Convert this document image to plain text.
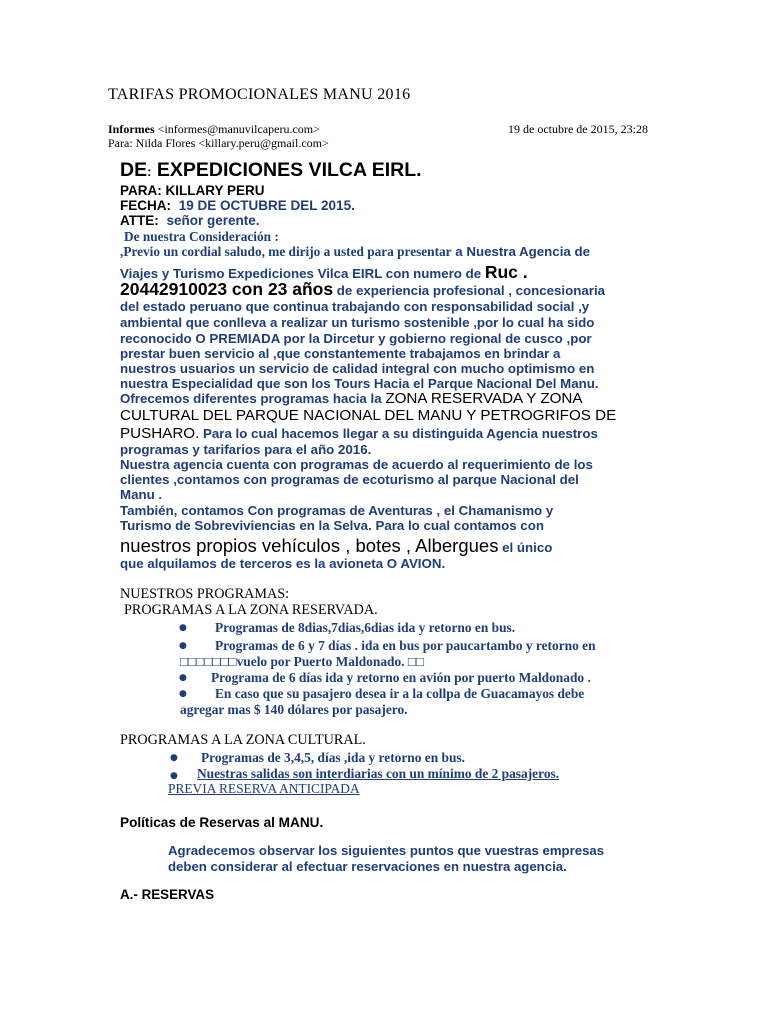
TARIFAS PROMOCIONALES MANU 2016
Informes <informes@manuvilcaperu.com>	19 de octubre de 2015, 23:28
Para: Nilda Flores <killary.peru@gmail.com>
DE: EXPEDICIONES VILCA EIRL.
PARA: KILLARY PERU
FECHA: 19 DE OCTUBRE DEL 2015.
ATTE: señor gerente.
De nuestra Consideración :
,Previo un cordial saludo, me dirijo a usted para presentar a Nuestra Agencia de
Viajes y Turismo Expediciones Vilca EIRL con numero de Ruc .
20442910023 con 23 años de experiencia profesional , concesionaria
del estado peruano que continua trabajando con responsabilidad social ,y
ambiental que conlleva a realizar un turismo sostenible ,por lo cual ha sido
reconocido O PREMIADA por la Dircetur y gobierno regional de cusco ,por
prestar buen servicio al ,que constantemente trabajamos en brindar a
nuestros usuarios un servicio de calidad integral con mucho optimismo en
nuestra Especialidad que son los Tours Hacia el Parque Nacional Del Manu.
Ofrecemos diferentes programas hacia la ZONA RESERVADA Y ZONA
CULTURAL DEL PARQUE NACIONAL DEL MANU Y PETROGRIFOS DE
PUSHARO. Para lo cual hacemos llegar a su distinguida Agencia nuestros
programas y tarifarios para el año 2016.
Nuestra agencia cuenta con programas de acuerdo al requerimiento de los
clientes ,contamos con programas de ecoturismo al parque Nacional del
Manu .
También, contamos Con programas de Aventuras , el Chamanismo y
Turismo de Sobreviviencias en la Selva. Para lo cual contamos con
nuestros propios vehículos , botes , Albergues el único
que alquilamos de terceros es la avioneta O AVION.
NUESTROS PROGRAMAS:
PROGRAMAS A LA ZONA RESERVADA.
● Programas de 8dias,7dias,6dias ida y retorno en bus.
● Programas de 6 y 7 días . ida en bus por paucartambo y retorno en
□□□□□□□vuelo por Puerto Maldonado. □□
● Programa de 6 días ida y retorno en avión por puerto Maldonado .
● En caso que su pasajero desea ir a la collpa de Guacamayos debe
agregar mas $ 140 dólares por pasajero.
PROGRAMAS A LA ZONA CULTURAL.
● Programas de 3,4,5, días ,ida y retorno en bus.
● Nuestras salidas son interdiarias con un mínimo de 2 pasajeros.
PREVIA RESERVA ANTICIPADA
Políticas de Reservas al MANU.
Agradecemos observar los siguientes puntos que vuestras empresas
deben considerar al efectuar reservaciones en nuestra agencia.
A.- RESERVAS
